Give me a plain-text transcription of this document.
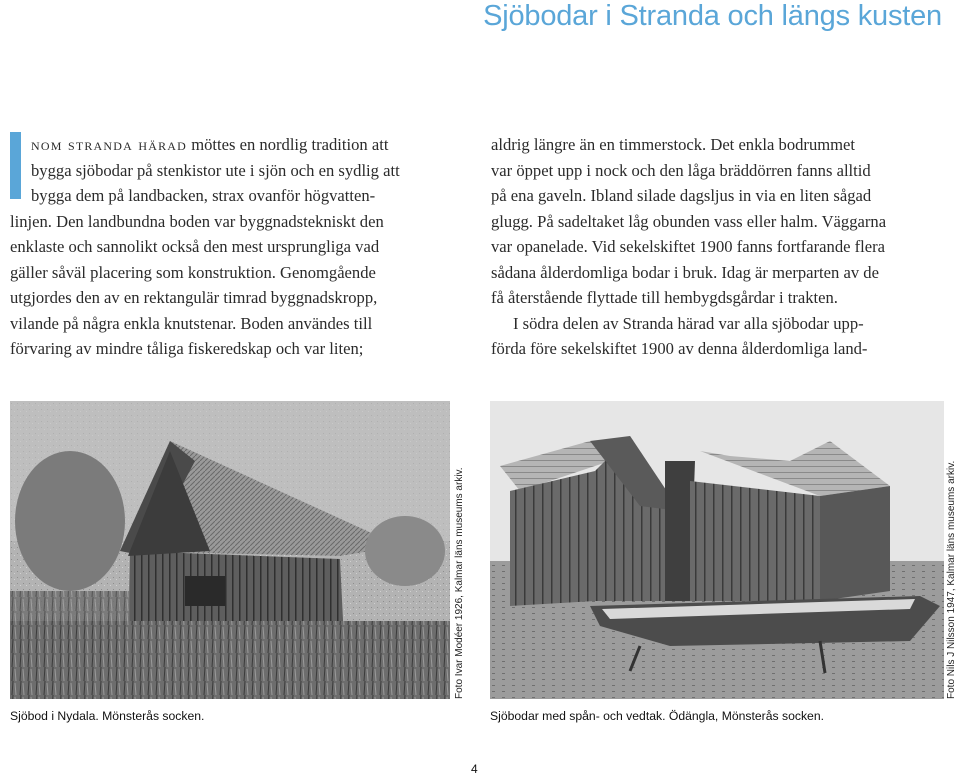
Sjöbodar i Stranda och längs kusten
nom stranda härad möttes en nordlig tradition att
bygga sjöbodar på stenkistor ute i sjön och en sydlig att
bygga dem på landbacken, strax ovanför högvatten-
linjen. Den landbundna boden var byggnadstekniskt den
enklaste och sannolikt också den mest ursprungliga vad
gäller såväl placering som konstruktion. Genomgående
utgjordes den av en rektangulär timrad byggnadskropp,
vilande på några enkla knutstenar. Boden användes till
förvaring av mindre tåliga fiskeredskap och var liten;
aldrig längre än en timmerstock. Det enkla bodrummet
var öppet upp i nock och den låga bräddörren fanns alltid
på ena gaveln. Ibland silade dagsljus in via en liten sågad
glugg. På sadeltaket låg obunden vass eller halm. Väggarna
var opanelade. Vid sekelskiftet 1900 fanns fortfarande flera
sådana ålderdomliga bodar i bruk. Idag är merparten av de
få återstående flyttade till hembygdsgårdar i trakten.
I södra delen av Stranda härad var alla sjöbodar upp-
förda före sekelskiftet 1900 av denna ålderdomliga land-
Foto Ivar Modéer 1926, Kalmar läns museums arkiv.	Foto Nils J Nilsson 1947, Kalmar läns museums arkiv.
Sjöbod i Nydala. Mönsterås socken.	Sjöbodar med spån- och vedtak. Ödängla, Mönsterås socken.
4
